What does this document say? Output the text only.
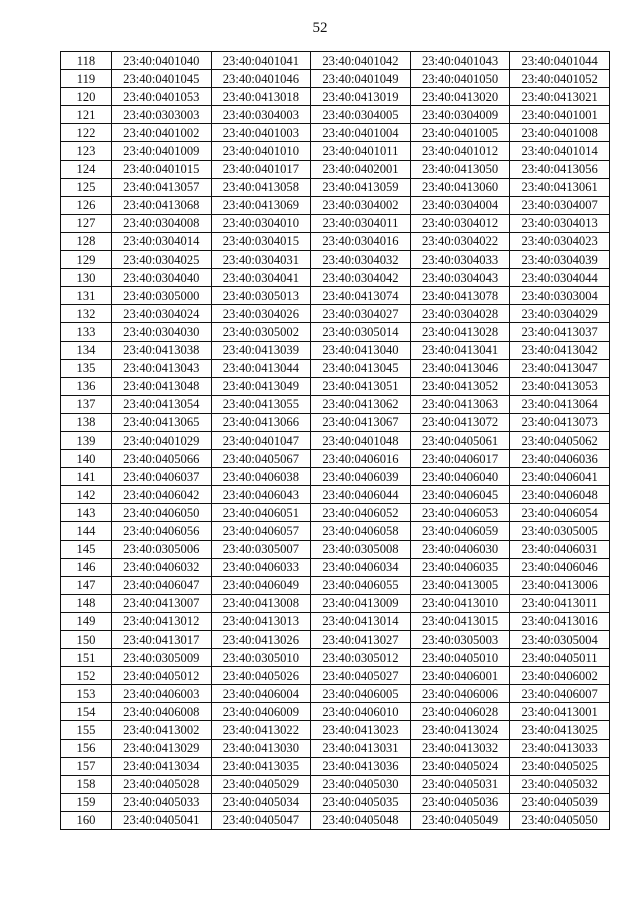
52
118	23:40:0401040	23:40:0401041	23:40:0401042	23:40:0401043	23:40:0401044
119	23:40:0401045	23:40:0401046	23:40:0401049	23:40:0401050	23:40:0401052
120	23:40:0401053	23:40:0413018	23:40:0413019	23:40:0413020	23:40:0413021
121	23:40:0303003	23:40:0304003	23:40:0304005	23:40:0304009	23:40:0401001
122	23:40:0401002	23:40:0401003	23:40:0401004	23:40:0401005	23:40:0401008
123	23:40:0401009	23:40:0401010	23:40:0401011	23:40:0401012	23:40:0401014
124	23:40:0401015	23:40:0401017	23:40:0402001	23:40:0413050	23:40:0413056
125	23:40:0413057	23:40:0413058	23:40:0413059	23:40:0413060	23:40:0413061
126	23:40:0413068	23:40:0413069	23:40:0304002	23:40:0304004	23:40:0304007
127	23:40:0304008	23:40:0304010	23:40:0304011	23:40:0304012	23:40:0304013
128	23:40:0304014	23:40:0304015	23:40:0304016	23:40:0304022	23:40:0304023
129	23:40:0304025	23:40:0304031	23:40:0304032	23:40:0304033	23:40:0304039
130	23:40:0304040	23:40:0304041	23:40:0304042	23:40:0304043	23:40:0304044
131	23:40:0305000	23:40:0305013	23:40:0413074	23:40:0413078	23:40:0303004
132	23:40:0304024	23:40:0304026	23:40:0304027	23:40:0304028	23:40:0304029
133	23:40:0304030	23:40:0305002	23:40:0305014	23:40:0413028	23:40:0413037
134	23:40:0413038	23:40:0413039	23:40:0413040	23:40:0413041	23:40:0413042
135	23:40:0413043	23:40:0413044	23:40:0413045	23:40:0413046	23:40:0413047
136	23:40:0413048	23:40:0413049	23:40:0413051	23:40:0413052	23:40:0413053
137	23:40:0413054	23:40:0413055	23:40:0413062	23:40:0413063	23:40:0413064
138	23:40:0413065	23:40:0413066	23:40:0413067	23:40:0413072	23:40:0413073
139	23:40:0401029	23:40:0401047	23:40:0401048	23:40:0405061	23:40:0405062
140	23:40:0405066	23:40:0405067	23:40:0406016	23:40:0406017	23:40:0406036
141	23:40:0406037	23:40:0406038	23:40:0406039	23:40:0406040	23:40:0406041
142	23:40:0406042	23:40:0406043	23:40:0406044	23:40:0406045	23:40:0406048
143	23:40:0406050	23:40:0406051	23:40:0406052	23:40:0406053	23:40:0406054
144	23:40:0406056	23:40:0406057	23:40:0406058	23:40:0406059	23:40:0305005
145	23:40:0305006	23:40:0305007	23:40:0305008	23:40:0406030	23:40:0406031
146	23:40:0406032	23:40:0406033	23:40:0406034	23:40:0406035	23:40:0406046
147	23:40:0406047	23:40:0406049	23:40:0406055	23:40:0413005	23:40:0413006
148	23:40:0413007	23:40:0413008	23:40:0413009	23:40:0413010	23:40:0413011
149	23:40:0413012	23:40:0413013	23:40:0413014	23:40:0413015	23:40:0413016
150	23:40:0413017	23:40:0413026	23:40:0413027	23:40:0305003	23:40:0305004
151	23:40:0305009	23:40:0305010	23:40:0305012	23:40:0405010	23:40:0405011
152	23:40:0405012	23:40:0405026	23:40:0405027	23:40:0406001	23:40:0406002
153	23:40:0406003	23:40:0406004	23:40:0406005	23:40:0406006	23:40:0406007
154	23:40:0406008	23:40:0406009	23:40:0406010	23:40:0406028	23:40:0413001
155	23:40:0413002	23:40:0413022	23:40:0413023	23:40:0413024	23:40:0413025
156	23:40:0413029	23:40:0413030	23:40:0413031	23:40:0413032	23:40:0413033
157	23:40:0413034	23:40:0413035	23:40:0413036	23:40:0405024	23:40:0405025
158	23:40:0405028	23:40:0405029	23:40:0405030	23:40:0405031	23:40:0405032
159	23:40:0405033	23:40:0405034	23:40:0405035	23:40:0405036	23:40:0405039
160	23:40:0405041	23:40:0405047	23:40:0405048	23:40:0405049	23:40:0405050
